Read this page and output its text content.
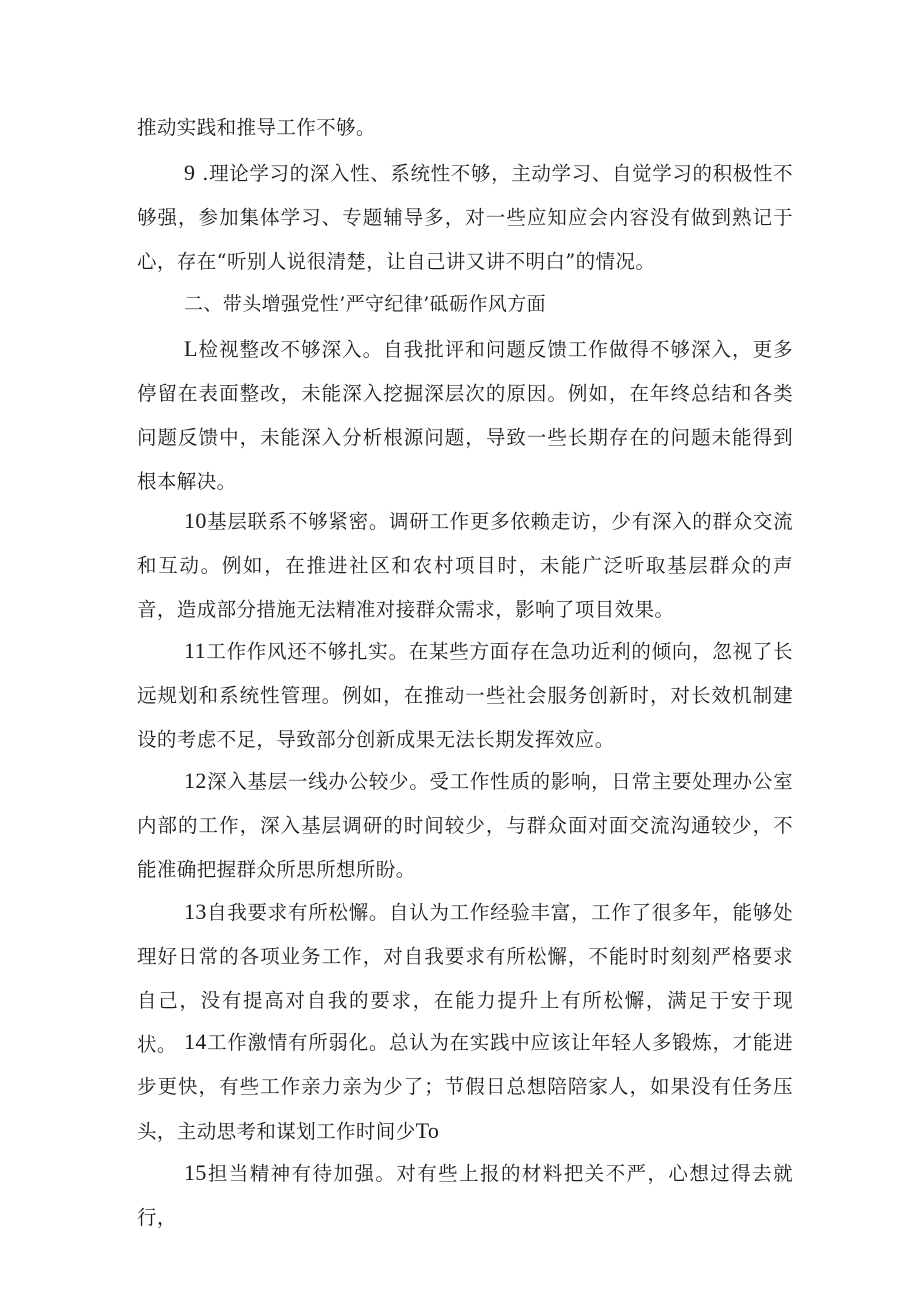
推动实践和推导工作不够。

9 .理论学习的深入性、系统性不够，主动学习、自觉学习的积极性不够强，参加集体学习、专题辅导多，对一些应知应会内容没有做到熟记于心，存在“听别人说很清楚，让自己讲又讲不明白”的情况。

二、带头增强党性’严守纪律’砥砺作风方面

L检视整改不够深入。自我批评和问题反馈工作做得不够深入，更多停留在表面整改，未能深入挖掘深层次的原因。例如，在年终总结和各类问题反馈中，未能深入分析根源问题，导致一些长期存在的问题未能得到根本解决。

10基层联系不够紧密。调研工作更多依赖走访，少有深入的群众交流和互动。例如，在推进社区和农村项目时，未能广泛听取基层群众的声音，造成部分措施无法精准对接群众需求，影响了项目效果。

11工作作风还不够扎实。在某些方面存在急功近利的倾向，忽视了长远规划和系统性管理。例如，在推动一些社会服务创新时，对长效机制建设的考虑不足，导致部分创新成果无法长期发挥效应。

12深入基层一线办公较少。受工作性质的影响，日常主要处理办公室内部的工作，深入基层调研的时间较少，与群众面对面交流沟通较少，不能准确把握群众所思所想所盼。

13自我要求有所松懈。自认为工作经验丰富，工作了很多年，能够处理好日常的各项业务工作，对自我要求有所松懈，不能时时刻刻严格要求自己，没有提高对自我的要求，在能力提升上有所松懈，满足于安于现状。 14工作激情有所弱化。总认为在实践中应该让年轻人多锻炼，才能进步更快，有些工作亲力亲为少了；节假日总想陪陪家人，如果没有任务压头，主动思考和谋划工作时间少To

15担当精神有待加强。对有些上报的材料把关不严，心想过得去就行，
